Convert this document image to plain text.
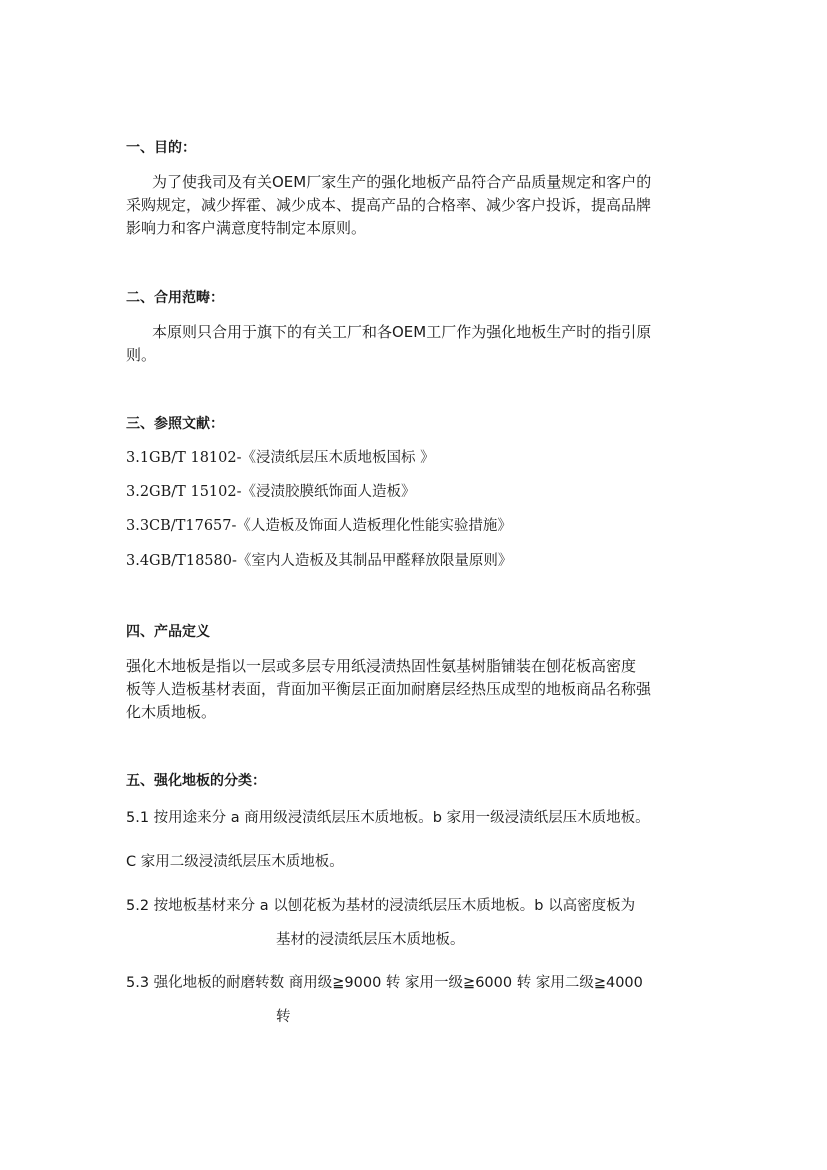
一、目的：
为了使我司及有关OEM厂家生产的强化地板产品符合产品质量规定和客户的
采购规定，减少挥霍、减少成本、提高产品的合格率、减少客户投诉，提高品牌
影响力和客户满意度特制定本原则。
二、合用范畴：
本原则只合用于旗下的有关工厂和各OEM工厂作为强化地板生产时的指引原
则。
三、参照文献：
3.1GB/T 18102-《浸渍纸层压木质地板国标 》
3.2GB/T 15102-《浸渍胶膜纸饰面人造板》
3.3CB/T17657-《人造板及饰面人造板理化性能实验措施》
3.4GB/T18580-《室内人造板及其制品甲醛释放限量原则》
四、产品定义
强化木地板是指以一层或多层专用纸浸渍热固性氨基树脂铺装在刨花板高密度
板等人造板基材表面，背面加平衡层正面加耐磨层经热压成型的地板商品名称强
化木质地板。
五、强化地板的分类：
5.1 按用途来分 a 商用级浸渍纸层压木质地板。b 家用一级浸渍纸层压木质地板。
C 家用二级浸渍纸层压木质地板。
5.2 按地板基材来分 a 以刨花板为基材的浸渍纸层压木质地板。b 以高密度板为
基材的浸渍纸层压木质地板。
5.3 强化地板的耐磨转数 商用级≧9000 转 家用一级≧6000 转 家用二级≧4000
转
